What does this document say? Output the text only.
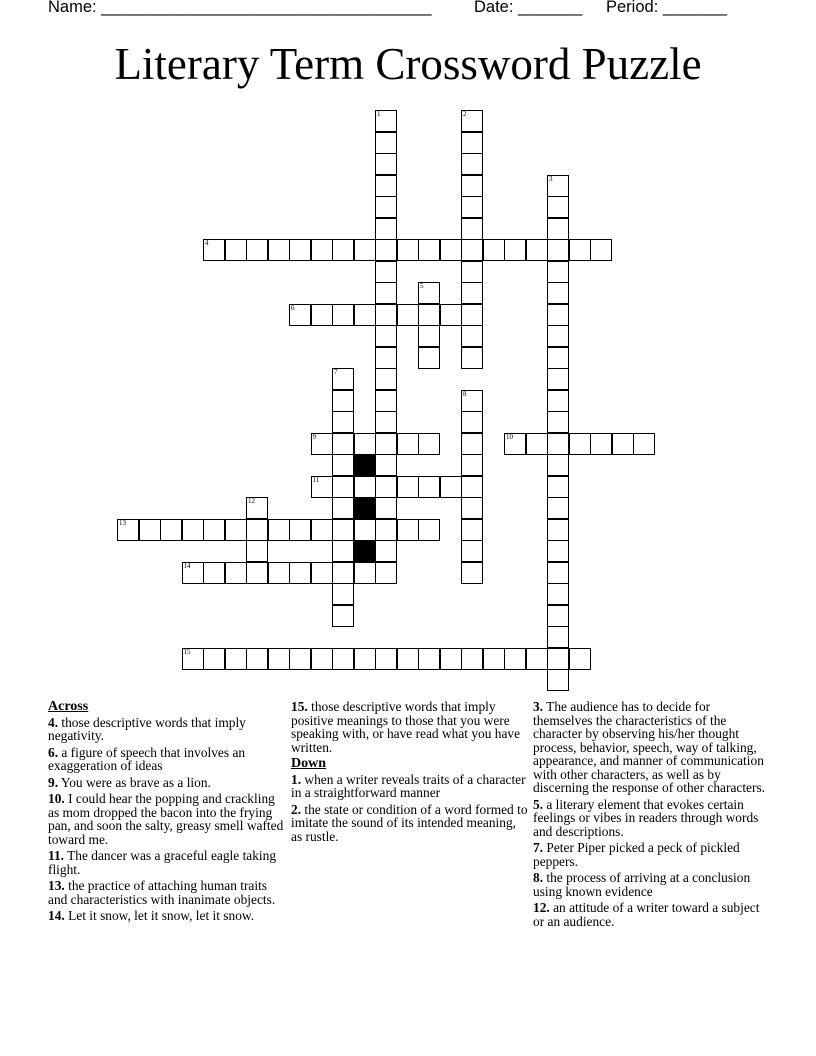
Name: ____________________________________

	Date: _______

Period: _______

Literary Term Crossword Puzzle
1	2
3
4
5
6
7
8
9	10
11
12
13
14
15
Across
4. those descriptive words that imply negativity.
6. a figure of speech that involves an exaggeration of ideas
9. You were as brave as a lion.
10. I could hear the popping and crackling as mom dropped the bacon into the frying pan, and soon the salty, greasy smell wafted toward me.
11. The dancer was a graceful eagle taking flight.
13. the practice of attaching human traits and characteristics with inanimate objects.
14. Let it snow, let it snow, let it snow.
15. those descriptive words that imply positive meanings to those that you were speaking with, or have read what you have written.
Down
1. when a writer reveals traits of a character in a straightforward manner
2. the state or condition of a word formed to imitate the sound of its intended meaning, as rustle.
3. The audience has to decide for themselves the characteristics of the character by observing his/her thought process, behavior, speech, way of talking, appearance, and manner of communication with other characters, as well as by discerning the response of other characters.
5. a literary element that evokes certain feelings or vibes in readers through words and descriptions.
7. Peter Piper picked a peck of pickled peppers.
8. the process of arriving at a conclusion using known evidence
12. an attitude of a writer toward a subject or an audience.
